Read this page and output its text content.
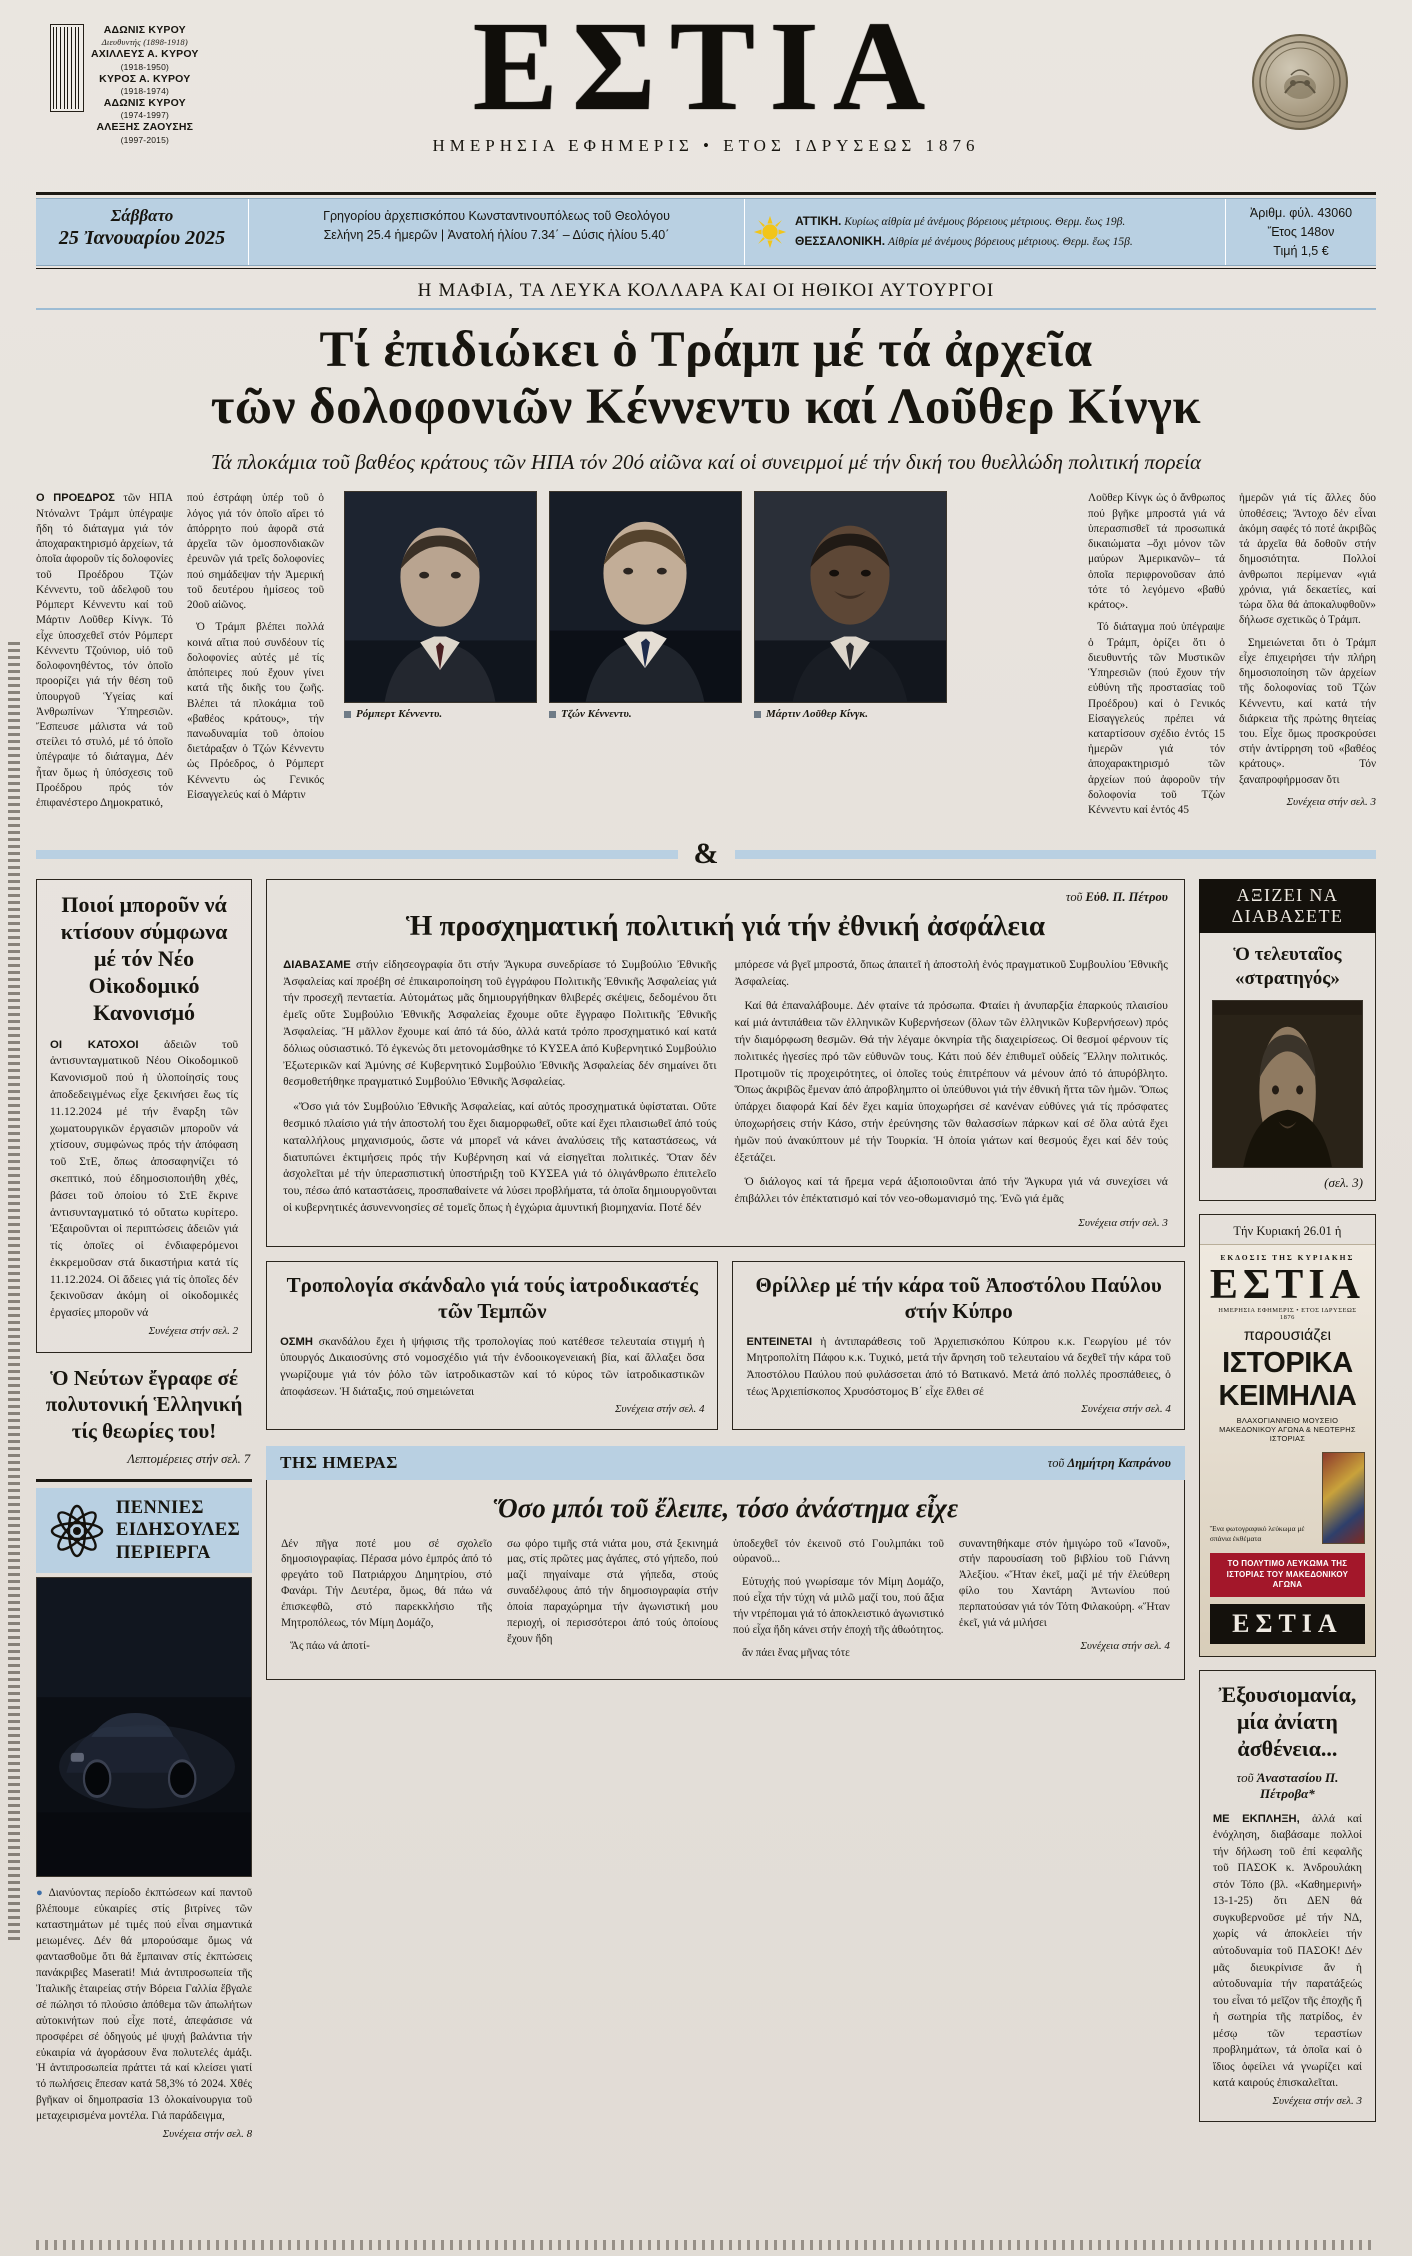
ΑΔΩΝΙΣ ΚΥΡΟΥ
Διευθυντής (1898-1918)
ΑΧΙΛΛΕΥΣ Α. ΚΥΡΟΥ
(1918-1950)
ΚΥΡΟΣ Α. ΚΥΡΟΥ
(1918-1974)
ΑΔΩΝΙΣ ΚΥΡΟΥ
(1974-1997)
ΑΛΕΞΗΣ ΖΑΟΥΣΗΣ
(1997-2015)
ΕΣΤΙΑ
ΗΜΕΡΗΣΙΑ ΕΦΗΜΕΡΙΣ • ΕΤΟΣ ΙΔΡΥΣΕΩΣ 1876
Σάββατο
25 Ἰανουαρίου 2025
Γρηγορίου ἀρχεπισκόπου Κωνσταντινουπόλεως τοῦ Θεολόγου
Σελήνη 25.4 ἡμερῶν | Ἀνατολή ἡλίου 7.34΄ – Δύσις ἡλίου 5.40΄
ΑΤΤΙΚΗ. Κυρίως αἰθρία μέ ἀνέμους βόρειους μέτριους. Θερμ. ἕως 19β.
ΘΕΣΣΑΛΟΝΙΚΗ. Αἰθρία μέ ἀνέμους βόρειους μέτριους. Θερμ. ἕως 15β.
Ἀριθμ. φύλ. 43060
Ἔτος 148ον
Τιμή 1,5 €
Η ΜΑΦΙΑ, ΤΑ ΛΕΥΚΑ ΚΟΛΛΑΡΑ ΚΑΙ ΟΙ ΗΘΙΚΟΙ ΑΥΤΟΥΡΓΟΙ
Τί ἐπιδιώκει ὁ Τράμπ μέ τά ἀρχεῖα
τῶν δολοφονιῶν Κέννεντυ καί Λοῦθερ Κίνγκ
Τά πλοκάμια τοῦ βαθέος κράτους τῶν ΗΠΑ τόν 20ό αἰῶνα καί οἱ συνειρμοί μέ τήν δική του θυελλώδη πολιτική πορεία

Ο ΠΡΟΕΔΡΟΣ τῶν ΗΠΑ Ντόναλντ Τράμπ ὑπέγραψε ἤδη τό διάταγμα γιά τόν ἀποχαρακτηρισμό ἀρχείων, τά ὁποῖα ἀφοροῦν τίς δολοφονίες τοῦ Προέδρου Τζών Κέννεντυ, τοῦ ἀδελφοῦ του Ρόμπερτ Κέννεντυ καί τοῦ Μάρτιν Λοῦθερ Κίνγκ. Τό εἶχε ὑποσχεθεῖ στόν Ρόμπερτ Κέννεντυ Τζούνιορ, υἱό τοῦ δολοφονηθέντος, τόν ὁποῖο προορίζει γιά τήν θέση τοῦ ὑπουργοῦ Ὑγείας καί Ἀνθρωπίνων Ὑπηρεσιῶν. Ἔσπευσε μάλιστα νά τοῦ στείλει τό στυλό, μέ τό ὁποῖο ὑπέγραψε τό διάταγμα, Δέν ἦταν ὅμως ἡ ὑπόσχεσις τοῦ Προέδρου πρός τόν ἐπιφανέστερο Δημοκρατικό,

πού ἐστράφη ὑπέρ τοῦ ὁ λόγος γιά τόν ὁποῖο αἴρει τό ἀπόρρητο πού ἀφορᾶ στά ἀρχεῖα τῶν ὁμοσπονδιακῶν ἐρευνῶν γιά τρεῖς δολοφονίες πού σημάδεψαν τήν Ἀμερική τοῦ δευτέρου ἡμίσεος τοῦ 20οῦ αἰῶνος.

Ὁ Τράμπ βλέπει πολλά κοινά αἴτια πού συνδέουν τίς δολοφονίες αὐτές μέ τίς ἀπόπειρες πού ἔχουν γίνει κατά τῆς δικῆς του ζωῆς. Βλέπει τά πλοκάμια τοῦ «βαθέος κράτους», τήν πανωδυναμία τοῦ ὁποίου διετάραξαν ὁ Τζών Κέννεντυ ὡς Πρόεδρος, ὁ Ρόμπερτ Κέννεντυ ὡς Γενικός Εἰσαγγελεύς καί ὁ Μάρτιν

Ρόμπερτ Κέννεντυ.	Τζών Κέννεντυ.	Μάρτιν Λοῦθερ Κίνγκ.

Λοῦθερ Κίνγκ ὡς ὁ ἄνθρωπος πού βγῆκε μπροστά γιά νά ὑπερασπισθεῖ τά προσωπικά δικαιώματα –ὄχι μόνον τῶν μαύρων Ἀμερικανῶν– τά ὁποῖα περιφρονοῦσαν ἀπό τότε τό λεγόμενο «βαθύ κράτος».

Τό διάταγμα πού ὑπέγραψε ὁ Τράμπ, ὁρίζει ὅτι ὁ διευθυντής τῶν Μυστικῶν Ὑπηρεσιῶν (πού ἔχουν τήν εὐθύνη τῆς προστασίας τοῦ Προέδρου) καί ὁ Γενικός Εἰσαγγελεύς πρέπει νά καταρτίσουν σχέδιο ἐντός 15 ἡμερῶν γιά τόν ἀποχαρακτηρισμό τῶν ἀρχείων πού ἀφοροῦν τήν δολοφονία τοῦ Τζών Κέννεντυ καί ἐντός 45

ἡμερῶν γιά τίς ἄλλες δύο ὑποθέσεις; Ἄντοχο δέν εἶναι ἀκόμη σαφές τό ποτέ ἀκριβῶς τά ἀρχεῖα θά δοθοῦν στήν δημοσιότητα. Πολλοί ἀνθρωποι περίμεναν «γιά χρόνια, γιά δεκαετίες, καί τώρα ὅλα θά ἀποκαλυφθοῦν» δήλωσε σχετικῶς ὁ Τράμπ.

Σημειώνεται ὅτι ὁ Τράμπ εἶχε ἐπιχειρήσει τήν πλήρη δημοσιοποίηση τῶν ἀρχείων τῆς δολοφονίας τοῦ Τζών Κέννεντυ, καί κατά τήν διάρκεια τῆς πρώτης θητείας του. Εἶχε ὅμως προσκρούσει στήν ἀντίρρηση τοῦ «βαθέος κράτους». Τόν ξαναπροφήρμοσαν ὅτι

Συνέχεια στήν σελ. 3
&
Ποιοί μποροῦν νά κτίσουν σύμφωνα μέ τόν Νέο Οἰκοδομικό Κανονισμό

ΟΙ ΚΑΤΟΧΟΙ ἀδειῶν τοῦ ἀντισυνταγματικοῦ Νέου Οἰκοδομικοῦ Κανονισμοῦ πού ἡ ὑλοποίησίς τους ἀποδεδειγμένως εἶχε ξεκινήσει ἕως τίς 11.12.2024 μέ τήν ἔναρξη τῶν χωματουργικῶν ἐργασιῶν μποροῦν νά χτίσουν, συμφώνως πρός τήν ἀπόφαση τοῦ ΣτΕ, ὅπως ἀποσαφηνίζει τό σκεπτικό, πού ἐδημοσιοποιήθη χθές, βάσει τοῦ ὁποίου τό ΣτΕ ἔκρινε ἀντισυνταγματικό τό οὔτατω κυρίτερο. Ἐξαιροῦνται οἱ περιπτώσεις ἀδειῶν γιά τίς ὁποῖες οἱ ἐνδιαφερόμενοι ἐκκρεμοῦσαν στά δικαστήρια κατά τίς 11.12.2024. Οἱ ἄδειες γιά τίς ὁποῖες δέν ξεκινοῦσαν ἀκόμη οἱ οἰκοδομικές ἐργασίες μποροῦν νά

Συνέχεια στήν σελ. 2
Ὁ Νεύτων ἔγραφε σέ πολυτονική Ἑλληνική τίς θεωρίες του!
Λεπτομέρειες στήν σελ. 7
ΠΕΝΝΙΕΣ ΕΙΔΗΣΟΥΛΕΣ ΠΕΡΙΕΡΓΑ
● Διανύοντας περίοδο ἐκπτώσεων καί παντοῦ βλέπουμε εὐκαιρίες στίς βιτρίνες τῶν καταστημάτων μέ τιμές πού εἶναι σημαντικά μειωμένες. Δέν θά μπορούσαμε ὅμως νά φαντασθοῦμε ὅτι θά ἔμπαιναν στίς ἐκπτώσεις πανάκριβες Maserati! Μιά ἀντιπροσωπεία τῆς Ἰταλικῆς ἑταιρείας στήν Βόρεια Γαλλία ἔβγαλε σέ πώλησι τό πλούσιο ἀπόθεμα τῶν ἀπωλήτων αὐτοκινήτων πού εἶχε ποτέ, ἀπεφάσισε νά προσφέρει σέ ὁδηγούς μέ ψυχή βαλάντια τήν εὐκαιρία νά ἀγοράσουν ἕνα πολυτελές ἀμάξι. Ἡ ἀντιπροσωπεία πράττει τά καί κλείσει γιατί τό πωλήσεις ἔπεσαν κατά 58,3% τό 2024. Χθές βγῆκαν οἱ δημοπρασία 13 ὁλοκαίνουργια τοῦ μεταχειρισμένα μοντέλα. Γιά παράδειγμα,
Συνέχεια στήν σελ. 8
τοῦ Εὐθ. Π. Πέτρου
Ἡ προσχηματική πολιτική γιά τήν ἐθνική ἀσφάλεια

ΔΙΑΒΑΣΑΜΕ στήν εἰδησεογραφία ὅτι στήν Ἄγκυρα συνεδρίασε τό Συμβούλιο Ἐθνικῆς Ἀσφαλείας καί προέβη σέ ἐπικαιροποίηση τοῦ ἐγγράφου Πολιτικῆς Ἐθνικῆς Ἀσφαλείας γιά τήν προσεχῆ πενταετία. Αὐτομάτως μᾶς δημιουργήθηκαν θλιβερές σκέψεις, δεδομένου ὅτι ἐμεῖς οὔτε Συμβούλιο Ἐθνικῆς Ἀσφαλείας ἔχουμε οὔτε ἔγγραφο Πολιτικῆς Ἐθνικῆς Ἀσφαλείας. Ἤ μᾶλλον ἔχουμε καί ἀπό τά δύο, ἀλλά κατά τρόπο προσχηματικό καί κατά δόλιως οὐσιαστικό. Τό ἐγκενώς ὅτι μετονομάσθηκε τό ΚΥΣΕΑ ἀπό Κυβερνητικό Συμβούλιο Ἐξωτερικῶν καί Ἀμύνης σέ Κυβερνητικό Συμβούλιο Ἐθνικῆς Ἀσφαλείας δέν σημαίνει ὅτι θεσμοθετήθηκε πραγματικό Συμβούλιο Ἐθνικῆς Ἀσφαλείας.

«Ὅσο γιά τόν Συμβούλιο Ἐθνικῆς Ἀσφαλείας, καί αὐτός προσχηματικά ὑφίσταται. Οὔτε θεσμικό πλαίσιο γιά τήν ἀποστολή του ἔχει διαμορφωθεῖ, οὔτε καί ἔχει πλαισιωθεῖ ἀπό τούς καταλλήλους μηχανισμούς, ὥστε νά μπορεῖ νά κάνει ἀναλύσεις τῆς καταστάσεως, νά διατυπώνει ἐκτιμήσεις πρός τήν Κυβέρνηση καί νά εἰσηγεῖται πολιτικές. Ὅταν δέν ἀσχολεῖται μέ τήν ὑπερασπιστική ὑποστήριξη τοῦ ΚΥΣΕΑ γιά τό ὀλιγάνθρωπο ἐπιτελεῖο του, πέσω ἀπό καταστάσεις, προσπαθαίνετε νά λύσει προβλήματα, τά ὁποῖα δημιουργοῦνται οἱ κυβερνητικές ἀσυνεννοησίες σέ τομεῖς ὅπως ἡ ἐγχώρια ἀμυντική βιομηχανία. Ποτέ δέν

μπόρεσε νά βγεῖ μπροστά, ὅπως ἀπαιτεῖ ἡ ἀποστολή ἑνός πραγματικοῦ Συμβουλίου Ἐθνικῆς Ἀσφαλείας.

Καί θά ἐπαναλάβουμε. Δέν φταίνε τά πρόσωπα. Φταίει ἡ ἀνυπαρξία ἐπαρκούς πλαισίου καί μιά ἀντιπάθεια τῶν ἑλληνικῶν Κυβερνήσεων (ὅλων τῶν ἑλληνικῶν Κυβερνήσεων) πρός τήν διαμόρφωση θεσμῶν. Θά τήν λέγαμε ὀκνηρία τῆς διαχειρίσεως. Οἱ θεσμοί φέρνουν τίς πολιτικές ἡγεσίες πρό τῶν εὐθυνῶν τους. Κάτι πού δέν ἐπιθυμεῖ οὐδείς Ἕλλην πολιτικός. Προτιμοῦν τίς προχειρότητες, οἱ ὁποῖες τούς ἐπιτρέπουν νά μένουν ἀπό τό ἀπυρόβλητο. Ὅπως ἀκριβῶς ἔμεναν ἀπό ἀπροβλημπτο οἱ ὑπεύθυνοι γιά τήν ἐθνική ἥττα τῶν ἡμῶν. Ὅπως ὑπάρχει διαφορά Καί δέν ἔχει καμία ὑποχωρήσει σέ κανέναν εὐθύνες γιά τίς πρόσφατες ὑποχωρήσεις στήν Κάσο, στήν ἐρεύνησης τῶν θαλασσίων πάρκων καί σέ ὅλα αὐτά ἔχει ἡμῶν πού ἀνακύπτουν μέ τήν Τουρκία. Ἡ ὁποία γιάτων καί θεσμούς ἔχει καί δέν τούς ἐξετάζει.

Ὁ διάλογος καί τά ἤρεμα νερά ἀξιοποιοῦνται ἀπό τήν Ἄγκυρα γιά νά συνεχίσει νά ἐπιβάλλει τόν ἑπέκτατισμό καί τόν νεο-οθωμανισμό της. Ἐνῶ γιά ἐμᾶς

Συνέχεια στήν σελ. 3
Τροπολογία σκάνδαλο γιά τούς ἰατροδικαστές τῶν Τεμπῶν
ΟΣΜΗ σκανδάλου ἔχει ἡ ψήφισις τῆς τροπολογίας πού κατέθεσε τελευταία στιγμή ἡ ὑπουργός Δικαιοσύνης στό νομοσχέδιο γιά τήν ἐνδοοικογενειακή βία, καί ἄλλαξει ὅσα γνωρίζουμε γιά τόν ῥόλο τῶν ἰατροδικαστῶν καί τό κύρος τῶν ἰατροδικαστικῶν ἀποφάσεων. Ἡ διάταξις, πού σημειώνεται
Συνέχεια στήν σελ. 4
Θρίλλερ μέ τήν κάρα τοῦ Ἀποστόλου Παύλου στήν Κύπρο
ΕΝΤΕΙΝΕΤΑΙ ἡ ἀντιπαράθεσις τοῦ Ἀρχιεπισκόπου Κύπρου κ.κ. Γεωργίου μέ τόν Μητροπολίτη Πάφου κ.κ. Τυχικό, μετά τήν ἄρνηση τοῦ τελευταίου νά δεχθεῖ τήν κάρα τοῦ Ἀποστόλου Παύλου πού φυλάσσεται ἀπό τό Βατικανό. Μετά ἀπό πολλές προσπάθειες, ὁ τέως Ἀρχιεπίσκοπος Χρυσόστομος Β΄ εἶχε ἔλθει σέ
Συνέχεια στήν σελ. 4
ΤΗΣ ΗΜΕΡΑΣ	τοῦ Δημήτρη Καπράνου
Ὅσο μπόι τοῦ ἔλειπε, τόσο ἀνάστημα εἶχε

Δέν πῆγα ποτέ μου σέ σχολεῖο δημοσιογραφίας. Πέρασα μόνο ἐμπρός ἀπό τό φρεγάτο τοῦ Πατριάρχου Δημητρίου, στό Φανάρι. Τήν Δευτέρα, ὅμως, θά πάω νά ἐπισκεφθῶ, στό παρεκκλήσιο τῆς Μητροπόλεως, τόν Μίμη Δομάζο,

Ἅς πάω νά ἀποτί-

σω φόρο τιμῆς στά νιάτα μου, στά ξεκινημά μας, στίς πρῶτες μας ἀγάπες, στό γήπεδο, πού μαζί πηγαίναμε στά γήπεδα, στούς συναδέλφους ἀπό τήν δημοσιογραφία στήν ὁποία παραχώρημα τήν ἀγωνιστική μου περιοχή, οἱ περισσότεροι ἀπό τούς ὁποίους ἔχουν ἤδη

ὑποδεχθεῖ τόν ἐκεινοῦ στό Γουλμπάκι τοῦ οὐρανοῦ...

Εὐτυχής πού γνωρίσαμε τόν Μίμη Δομάζο, πού εἶχα τήν τύχη νά μιλῶ μαζί του, πού ἄξια τήν ντρέπομαι γιά τό ἀποκλειστικό ἀγωνιστικό πού εἶχα ἤδη κάνει στήν ἐποχή τῆς ἀθωότητος.

ἄν πάει ἕνας μῆνας τότε

συναντηθήκαμε στόν ἡμιγώρο τοῦ «Ἰανοῦ», στήν παρουσίαση τοῦ βιβλίου τοῦ Γιάννη Ἀλεξίου. «Ἥταν ἐκεῖ, μαζί μέ τήν ἐλεύθερη φίλο του Χαντάρη Ἀντωνίου πού περπατούσαν γιά τόν Τότη Φιλακούρη. «Ἥταν ἐκεῖ, γιά νά μιλήσει

Συνέχεια στήν σελ. 4
ΑΞΙΖΕΙ ΝΑ ΔΙΑΒΑΣΕΤΕ
Ὁ τελευταῖος «στρατηγός»
(σελ. 3)
Τήν Κυριακή 26.01 ἡ
ΕΚΔΟΣΙΣ ΤΗΣ ΚΥΡΙΑΚΗΣ
ΕΣΤΙΑ
ΗΜΕΡΗΣΙΑ ΕΦΗΜΕΡΙΣ • ΕΤΟΣ ΙΔΡΥΣΕΩΣ 1876
παρουσιάζει
ΙΣΤΟΡΙΚΑ ΚΕΙΜΗΛΙΑ
ΒΛΑΧΟΓΙΑΝΝΕΙΟ ΜΟΥΣΕΙΟ ΜΑΚΕΔΟΝΙΚΟΥ ΑΓΩΝΑ & ΝΕΩΤΕΡΗΣ ΙΣΤΟΡΙΑΣ
Ἕνα φωτογραφικό λεύκωμα μέ σπάνια ἐκθέματα
ΤΟ ΠΟΛΥΤΙΜΟ ΛΕΥΚΩΜΑ ΤΗΣ ΙΣΤΟΡΙΑΣ ΤΟΥ ΜΑΚΕΔΟΝΙΚΟΥ ΑΓΩΝΑ
ΕΣΤΙΑ
Ἐξουσιομανία, μία ἀνίατη ἀσθένεια...
τοῦ Ἀναστασίου Π. Πέτροβα*
ΜΕ ΕΚΠΛΗΞΗ, ἀλλά καί ἐνόχληση, διαβάσαμε πολλοί τήν δήλωση τοῦ ἐπί κεφαλῆς τοῦ ΠΑΣΟΚ κ. Ἀνδρουλάκη στόν Τόπο (βλ. «Καθημερινή» 13-1-25) ὅτι ΔΕΝ θά συγκυβερνοῦσε μέ τήν ΝΔ, χωρίς νά ἀποκλείει τήν αὐτοδυναμία τοῦ ΠΑΣΟΚ! Δέν μᾶς διευκρίνισε ἄν ἡ αὐτοδυναμία τήν παρατάξεώς του εἶναι τό μεῖζον τῆς ἐποχῆς ἤ ἡ σωτηρία τῆς πατρίδος, ἐν μέσῳ τῶν τεραστίων προβλημάτων, τά ὁποῖα καί ὁ ἴδιος ὀφείλει νά γνωρίζει καί κατά καιρούς ἐπισκαλεῖται.
Συνέχεια στήν σελ. 3
